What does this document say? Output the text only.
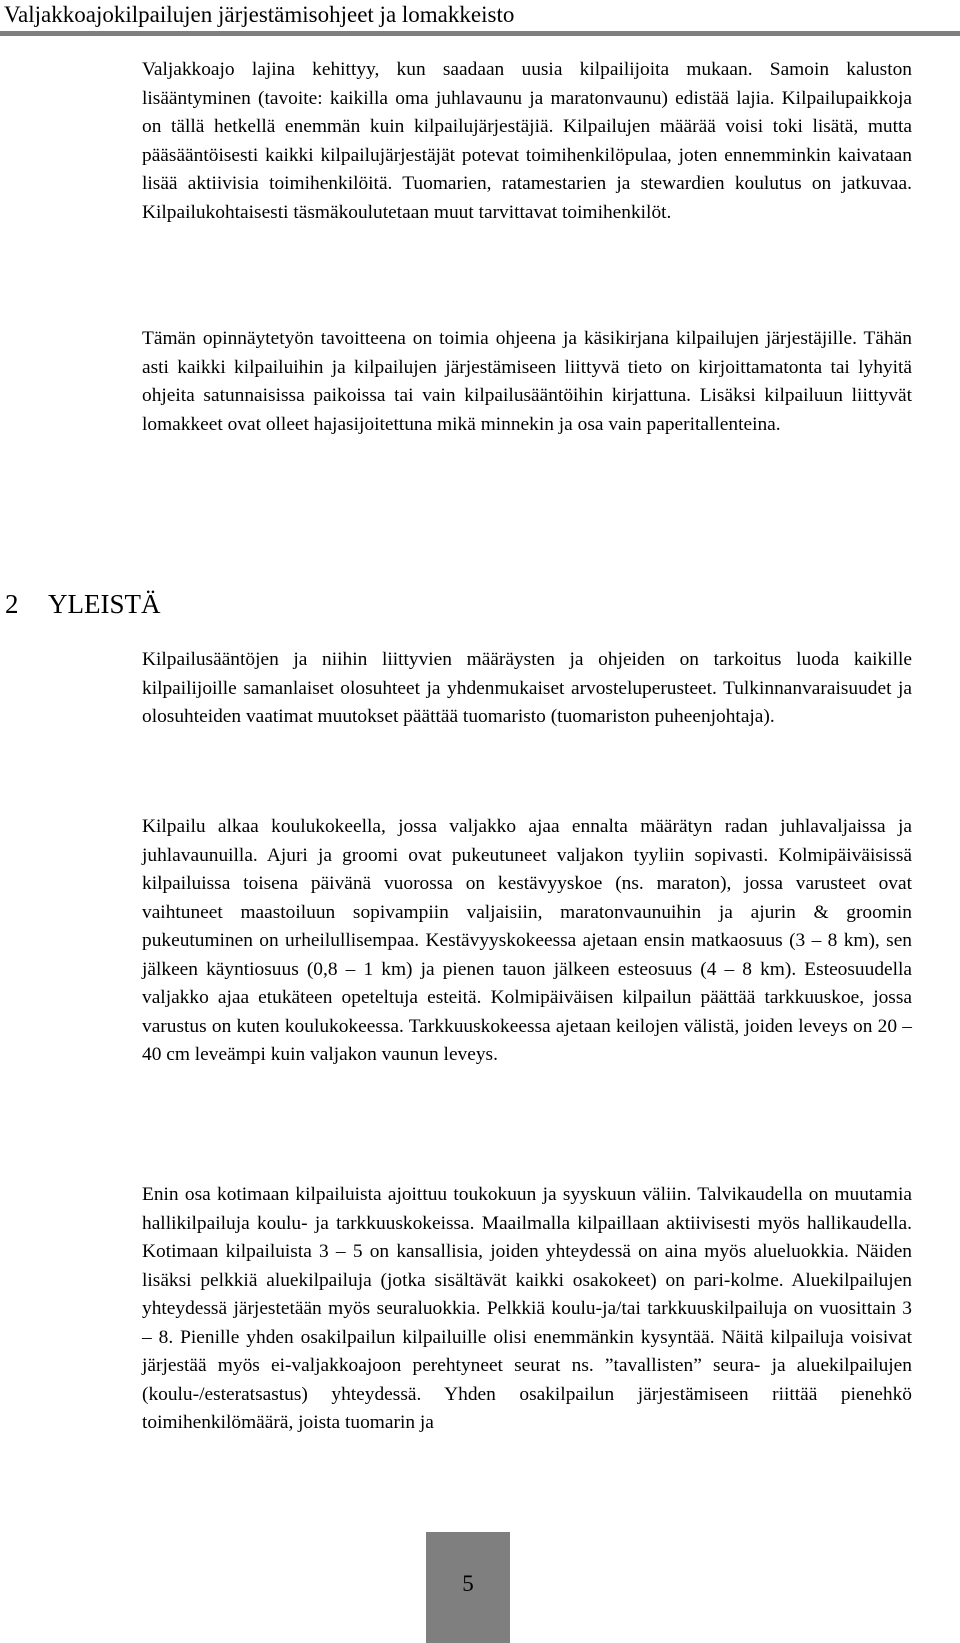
Valjakkoajokilpailujen järjestämisohjeet ja lomakkeisto

Valjakkoajo lajina kehittyy, kun saadaan uusia kilpailijoita mukaan. Samoin kaluston lisääntyminen (tavoite: kaikilla oma juhlavaunu ja maratonvaunu) edistää lajia. Kilpailupaikkoja on tällä hetkellä enemmän kuin kilpailujärjestäjiä. Kilpailujen määrää voisi toki lisätä, mutta pääsääntöisesti kaikki kilpailujärjestäjät potevat toimihenkilöpulaa, joten ennemminkin kaivataan lisää aktiivisia toimihenkilöitä. Tuomarien, ratamestarien ja stewardien koulutus on jatkuvaa. Kilpailukohtaisesti täsmäkoulutetaan muut tarvittavat toimihenkilöt.

Tämän opinnäytetyön tavoitteena on toimia ohjeena ja käsikirjana kilpailujen järjestäjille. Tähän asti kaikki kilpailuihin ja kilpailujen järjestämiseen liittyvä tieto on kirjoittamatonta tai lyhyitä ohjeita satunnaisissa paikoissa tai vain kilpailusääntöihin kirjattuna. Lisäksi kilpailuun liittyvät lomakkeet ovat olleet hajasijoitettuna mikä minnekin ja osa vain paperitallenteina.

2 YLEISTÄ

Kilpailusääntöjen ja niihin liittyvien määräysten ja ohjeiden on tarkoitus luoda kaikille kilpailijoille samanlaiset olosuhteet ja yhdenmukaiset arvosteluperusteet. Tulkinnanvaraisuudet ja olosuhteiden vaatimat muutokset päättää tuomaristo (tuomariston puheenjohtaja).

Kilpailu alkaa koulukokeella, jossa valjakko ajaa ennalta määrätyn radan juhlavaljaissa ja juhlavaunuilla. Ajuri ja groomi ovat pukeutuneet valjakon tyyliin sopivasti. Kolmipäiväisissä kilpailuissa toisena päivänä vuorossa on kestävyyskoe (ns. maraton), jossa varusteet ovat vaihtuneet maastoiluun sopivampiin valjaisiin, maratonvaunuihin ja ajurin & groomin pukeutuminen on urheilullisempaa. Kestävyyskokeessa ajetaan ensin matkaosuus (3 – 8 km), sen jälkeen käyntiosuus (0,8 – 1 km) ja pienen tauon jälkeen esteosuus (4 – 8 km). Esteosuudella valjakko ajaa etukäteen opeteltuja esteitä. Kolmipäiväisen kilpailun päättää tarkkuuskoe, jossa varustus on kuten koulukokeessa. Tarkkuuskokeessa ajetaan keilojen välistä, joiden leveys on 20 – 40 cm leveämpi kuin valjakon vaunun leveys.

Enin osa kotimaan kilpailuista ajoittuu toukokuun ja syyskuun väliin. Talvikaudella on muutamia hallikilpailuja koulu- ja tarkkuuskokeissa. Maailmalla kilpaillaan aktiivisesti myös hallikaudella. Kotimaan kilpailuista 3 – 5 on kansallisia, joiden yhteydessä on aina myös alueluokkia. Näiden lisäksi pelkkiä aluekilpailuja (jotka sisältävät kaikki osakokeet) on pari-kolme. Aluekilpailujen yhteydessä järjestetään myös seuraluokkia. Pelkkiä koulu-ja/tai tarkkuuskilpailuja on vuosittain 3 – 8. Pienille yhden osakilpailun kilpailuille olisi enemmänkin kysyntää. Näitä kilpailuja voisivat järjestää myös ei-valjakkoajoon perehtyneet seurat ns. ”tavallisten” seura- ja aluekilpailujen (koulu-/esteratsastus) yhteydessä. Yhden osakilpailun järjestämiseen riittää pienehkö toimihenkilömäärä, joista tuomarin ja

5
